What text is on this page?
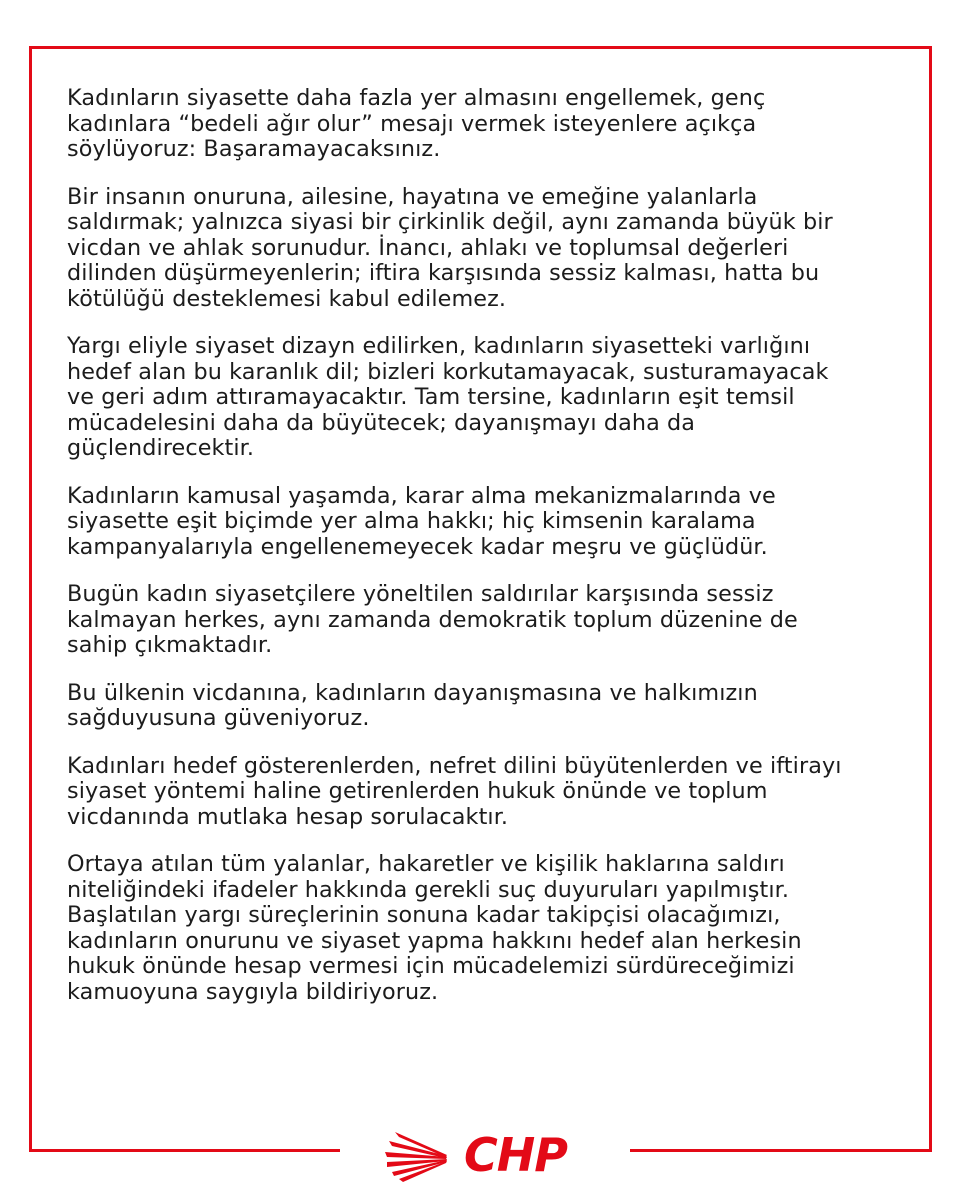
Kadınların siyasette daha fazla yer almasını engellemek, genç
kadınlara “bedeli ağır olur” mesajı vermek isteyenlere açıkça
söylüyoruz: Başaramayacaksınız.

Bir insanın onuruna, ailesine, hayatına ve emeğine yalanlarla
saldırmak; yalnızca siyasi bir çirkinlik değil, aynı zamanda büyük bir
vicdan ve ahlak sorunudur. İnancı, ahlakı ve toplumsal değerleri
dilinden düşürmeyenlerin; iftira karşısında sessiz kalması, hatta bu
kötülüğü desteklemesi kabul edilemez.

Yargı eliyle siyaset dizayn edilirken, kadınların siyasetteki varlığını
hedef alan bu karanlık dil; bizleri korkutamayacak, susturamayacak
ve geri adım attıramayacaktır. Tam tersine, kadınların eşit temsil
mücadelesini daha da büyütecek; dayanışmayı daha da
güçlendirecektir.

Kadınların kamusal yaşamda, karar alma mekanizmalarında ve
siyasette eşit biçimde yer alma hakkı; hiç kimsenin karalama
kampanyalarıyla engellenemeyecek kadar meşru ve güçlüdür.

Bugün kadın siyasetçilere yöneltilen saldırılar karşısında sessiz
kalmayan herkes, aynı zamanda demokratik toplum düzenine de
sahip çıkmaktadır.

Bu ülkenin vicdanına, kadınların dayanışmasına ve halkımızın
sağduyusuna güveniyoruz.

Kadınları hedef gösterenlerden, nefret dilini büyütenlerden ve iftirayı
siyaset yöntemi haline getirenlerden hukuk önünde ve toplum
vicdanında mutlaka hesap sorulacaktır.

Ortaya atılan tüm yalanlar, hakaretler ve kişilik haklarına saldırı
niteliğindeki ifadeler hakkında gerekli suç duyuruları yapılmıştır.
Başlatılan yargı süreçlerinin sonuna kadar takipçisi olacağımızı,
kadınların onurunu ve siyaset yapma hakkını hedef alan herkesin
hukuk önünde hesap vermesi için mücadelemizi sürdüreceğimizi
kamuoyuna saygıyla bildiriyoruz.

CHP
